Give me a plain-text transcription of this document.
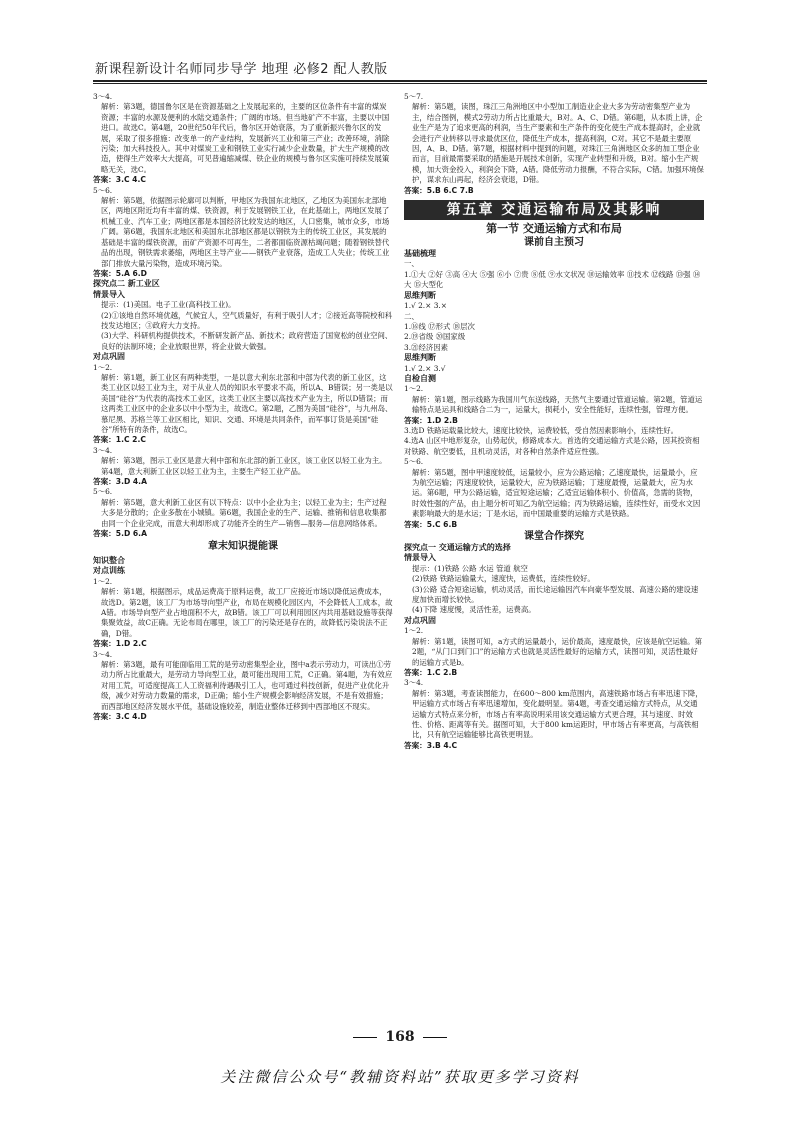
新课程新设计名师同步导学 地理 必修2 配人教版

3～4.

解析：第3题，德国鲁尔区是在资源基础之上发展起来的，主要的区位条件有丰富的煤炭资源；丰富的水源及便利的水陆交通条件；广阔的市场。但当地矿产不丰富，主要以中国进口。故选C。第4题，20世纪50年代后，鲁尔区开始衰落，为了重新振兴鲁尔区的发展，采取了很多措施：改变单一的产业结构，发展新兴工业和第三产业；改善环境，消除污染；加大科技投入。其中对煤炭工业和钢铁工业实行减少企业数量，扩大生产规模的改造，使得生产效率大大提高，可见普遍缩减煤、铁企业的规模与鲁尔区实施可持续发展策略无关，选C。

答案：3.C 4.C

5～6.

解析：第5题，依据图示轮廓可以判断，甲地区为我国东北地区，乙地区为美国东北部地区，两地区附近均有丰富的煤、铁资源，利于发展钢铁工业，在此基础上，两地区发展了机械工业、汽车工业；两地区都是本国经济比较发达的地区，人口密集，城市众多，市场广阔。第6题，我国东北地区和美国东北部地区都是以钢铁为主的传统工业区，其发展的基础是丰富的煤铁资源，而矿产资源不可再生，二者都面临资源枯竭问题；随着钢铁替代品的出现，钢铁需求萎缩，两地区主导产业——钢铁产业衰落，造成工人失业；传统工业部门排放大量污染物，造成环境污染。

答案：5.A 6.D

探究点二 新工业区

情景导入

提示：(1)美国。电子工业(高科技工业)。

(2)①该地自然环境优越，气候宜人，空气质量好，有利于吸引人才；②接近高等院校和科技发达地区；③政府大力支持。

(3)大学、科研机构提供技术，不断研发新产品、新技术；政府营造了国宽松的创业空间、良好的法制环境；企业放眼世界，将企业做大做强。

对点巩固

1～2.

解析：第1题，新工业区有两种类型，一是以意大利东北部和中部为代表的新工业区，这类工业区以轻工业为主，对于从业人员的知识水平要求不高，所以A、B错误；另一类是以美国“硅谷”为代表的高技术工业区，这类工业区主要以高技术产业为主，所以D错误；而这两类工业区中的企业多以中小型为主，故选C。第2题，乙图为美国“硅谷”，与九州岛、慕尼黑、苏格兰等工业区相比，知识、交通、环境是共同条件，而军事订货是美国“硅谷”所特有的条件，故选C。

答案：1.C 2.C

3～4.

解析：第3题，图示工业区是意大利中部和东北部的新工业区，该工业区以轻工业为主。第4题，意大利新工业区以轻工业为主，主要生产轻工业产品。

答案：3.D 4.A

5～6.

解析：第5题，意大利新工业区有以下特点：以中小企业为主；以轻工业为主；生产过程大多是分散的；企业多散在小城镇。第6题，我国企业的生产、运输、推销和信息收集都由同一个企业完成，而意大利却形成了功能齐全的生产—销售—服务—信息网络体系。

答案：5.D 6.A

章末知识提能课

知识整合

对点训练

1～2.

解析：第1题，根据图示，成品运费高于原料运费，故工厂应接近市场以降低运费成本，故选D。第2题，该工厂为市场导向型产业，布局在规模化园区内，不会降低人工成本，故A错。市场导向型产业占地面积不大，故B错。该工厂可以利用园区内共用基础设施等获得集聚效益，故C正确。无论布局在哪里，该工厂的污染还是存在的，故降低污染说法不正确，D错。

答案：1.D 2.C

3～4.

解析：第3题，最有可能面临用工荒的是劳动密集型企业，图中a表示劳动力，可读出①劳动力所占比重最大，是劳动力导向型工业，最可能出现用工荒，C正确。第4题，为有效应对用工荒，可适度提高工人工资福利待遇吸引工人，也可通过科技创新，促进产业优化升级，减少对劳动力数量的需求，D正确；缩小生产规模会影响经济发展，不是有效措施；而西部地区经济发展水平低，基础设施较差，制造业整体迁移到中西部地区不现实。

答案：3.C 4.D

5～7.

解析：第5题，读图，珠江三角洲地区中小型加工制造业企业大多为劳动密集型产业为主，结合图例，模式2劳动力所占比重最大，B对。A、C、D错。第6题，从本质上讲，企业生产是为了追求更高的利润，当生产要素和生产条件的变化使生产成本提高时，企业就会进行产业转移以寻求最优区位，降低生产成本，提高利润，C对。其它不是最主要原因，A、B、D错。第7题，根据材料中提到的问题，对珠江三角洲地区众多的加工型企业而言，目前最需要采取的措施是开展技术创新，实现产业转型和升级，B对。缩小生产规模，加大资金投入，利润会下降，A错。降低劳动力报酬，不符合实际，C错。加强环境保护，谋求东山再起，经济会衰退，D错。

答案：5.B 6.C 7.B

第五章 交通运输布局及其影响

第一节 交通运输方式和布局

课前自主预习

基础梳理

一、

1.①大 ②好 ③高 ④大 ⑤强 ⑥小 ⑦贵 ⑧低 ⑨水文状况 ⑩运输效率 ⑪技术 ⑫线路 ⑬强 ⑭大 ⑮大型化

思维判断

1.√ 2.× 3.×

二、

1.⑯线 ⑰形式 ⑱层次

2.⑲省级 ⑳国家级

3.㉑经济因素

思维判断

1.√ 2.× 3.√

自检自测

1～2.

解析：第1题，图示线路为我国川气东送线路，天然气主要通过管道运输。第2题，管道运输特点是运具和线路合二为一，运量大，损耗小，安全性能好，连续性强，管理方便。

答案：1.D 2.B

3.选D 铁路运载量比较大，速度比较快，运费较低，受自然因素影响小，连续性好。

4.选A 山区中地形复杂，山势起伏，修路成本大。首选的交通运输方式是公路，因其投资相对铁路、航空要低，且机动灵活，对各种自然条件适应性强。

5～6.

解析：第5题，图中甲速度较低，运量较小，应为公路运输；乙速度最快，运量最小，应为航空运输；丙速度较快，运量较大，应为铁路运输；丁速度最慢，运量最大，应为水运。第6题，甲为公路运输，适宜短途运输；乙适宜运输体积小、价值高，急需的货物，时效性强的产品，由上题分析可知乙为航空运输；丙为铁路运输，连续性好，而受水文因素影响最大的是水运；丁是水运，而中国最重要的运输方式是铁路。

答案：5.C 6.B

课堂合作探究

探究点一 交通运输方式的选择

情景导入

提示：(1)铁路 公路 水运 管道 航空

(2)铁路 铁路运输量大，速度快，运费低，连续性较好。

(3)公路 适合短途运输，机动灵活，而长途运输因汽车向豪华型发展、高速公路的建设速度加快而增长较快。

(4)下降 速度慢，灵活性差，运费高。

对点巩固

1～2.

解析：第1题，读图可知，a方式的运量最小，运价最高，速度最快，应该是航空运输。第2题，“从门口到门口”的运输方式也就是灵活性最好的运输方式，读图可知，灵活性最好的运输方式是b。

答案：1.C 2.B

3～4.

解析：第3题，考查读图能力，在600～800 km范围内，高速铁路市场占有率迅速下降，甲运输方式市场占有率迅速增加，变化最明显。第4题，考查交通运输方式特点，从交通运输方式特点来分析，市场占有率高说明采用该交通运输方式更合理，其与速度、时效性、价格、距离等有关。据图可知，大于800 km运距时，甲市场占有率更高，与高铁相比，只有航空运输能够比高铁更明显。

答案：3.B 4.C

168
关注微信公众号“教辅资料站”获取更多学习资料
